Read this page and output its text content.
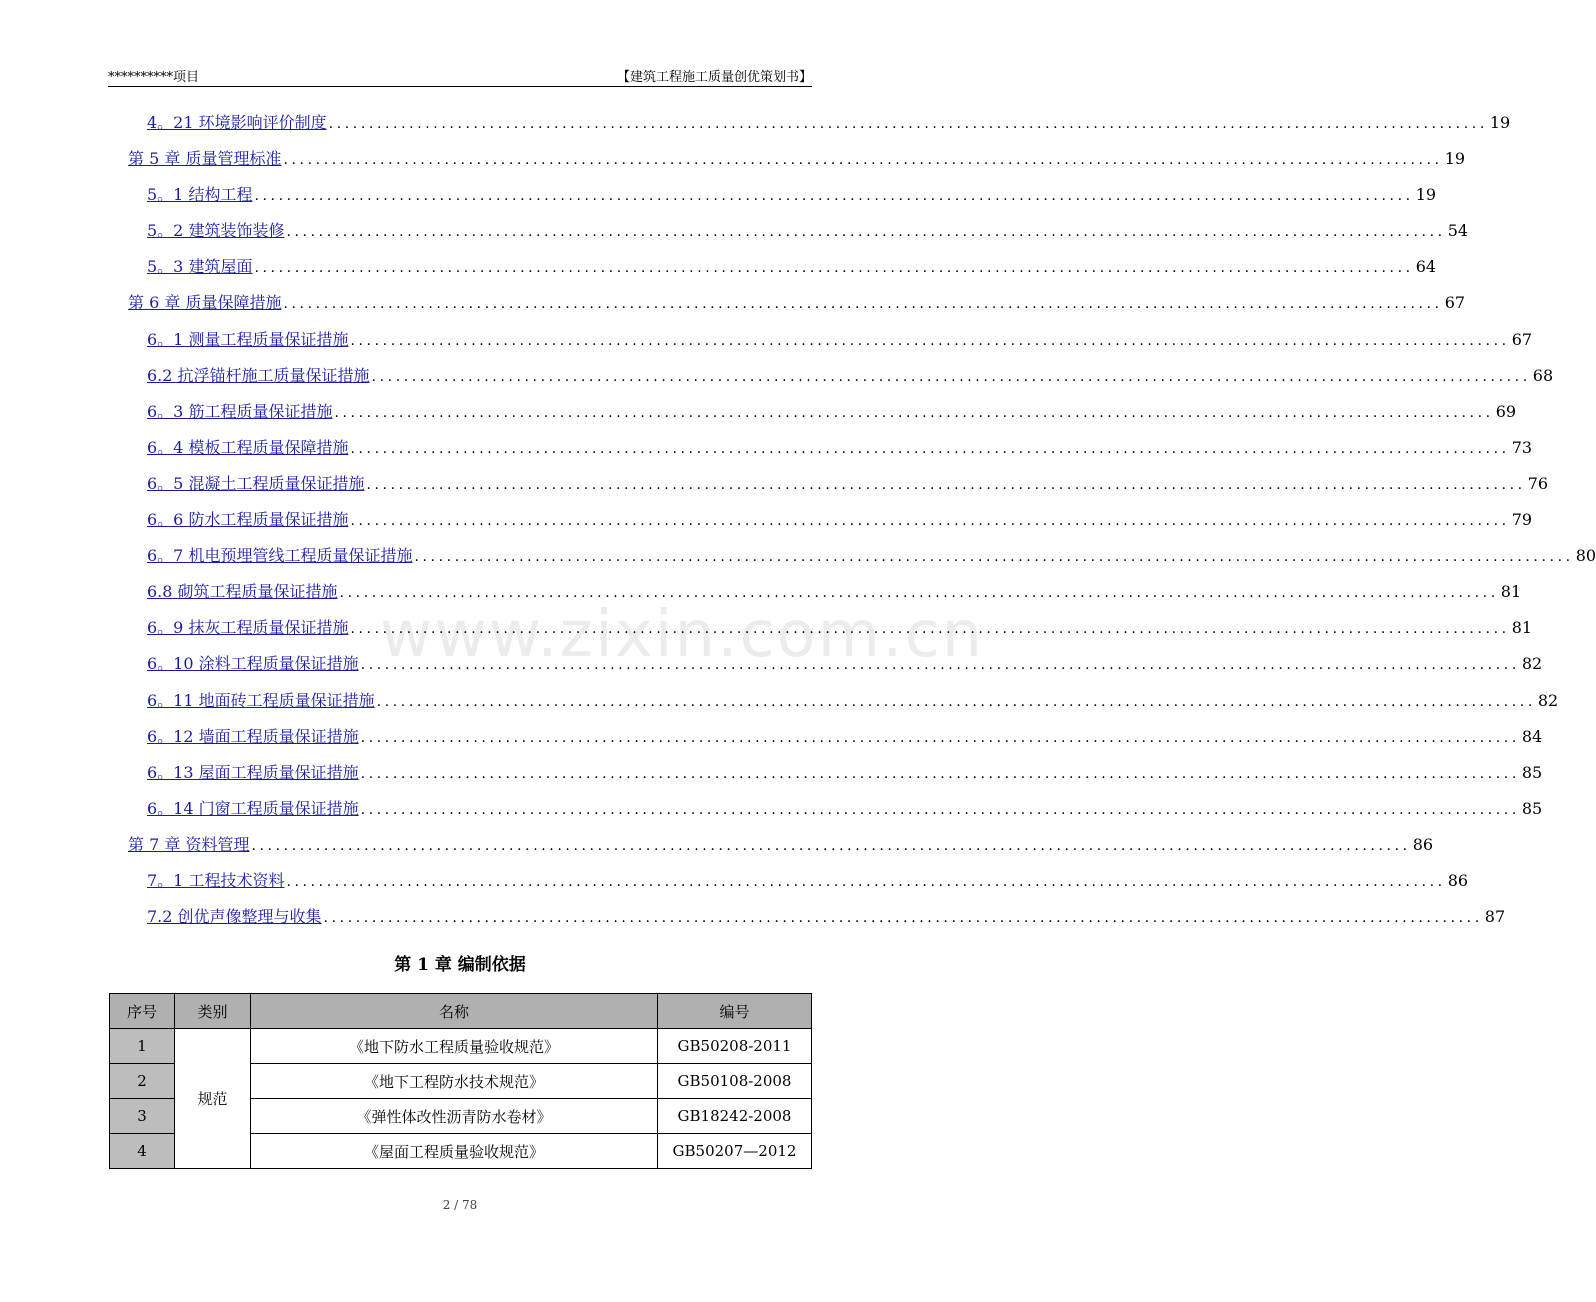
**********项目	【建筑工程施工质量创优策划书】
www.zixin.com.cn
4。21 环境影响评价制度 .....	19
第 5 章 质量管理标准 .....	19
5。1 结构工程 .....	19
5。2 建筑装饰装修 .....	54
5。3 建筑屋面 .....	64
第 6 章 质量保障措施 .....	67
6。1 测量工程质量保证措施 .....	67
6.2 抗浮锚杆施工质量保证措施 .....	68
6。3 筋工程质量保证措施 .....	69
6。4 模板工程质量保障措施 .....	73
6。5 混凝土工程质量保证措施 .....	76
6。6 防水工程质量保证措施 .....	79
6。7 机电预埋管线工程质量保证措施 .....	80
6.8 砌筑工程质量保证措施 .....	81
6。9 抹灰工程质量保证措施 .....	81
6。10 涂料工程质量保证措施 .....	82
6。11 地面砖工程质量保证措施 .....	82
6。12 墙面工程质量保证措施 .....	84
6。13 屋面工程质量保证措施 .....	85
6。14 门窗工程质量保证措施 .....	85
第 7 章 资料管理 .....	86
7。1 工程技术资料 .....	86
7.2 创优声像整理与收集 .....	87
第 1 章 编制依据
序号	类别	名称	编号
1	规范	《地下防水工程质量验收规范》	GB50208-2011
2		《地下工程防水技术规范》	GB50108-2008
3		《弹性体改性沥青防水卷材》	GB18242-2008
4		《屋面工程质量验收规范》	GB50207—2012
2 / 78
